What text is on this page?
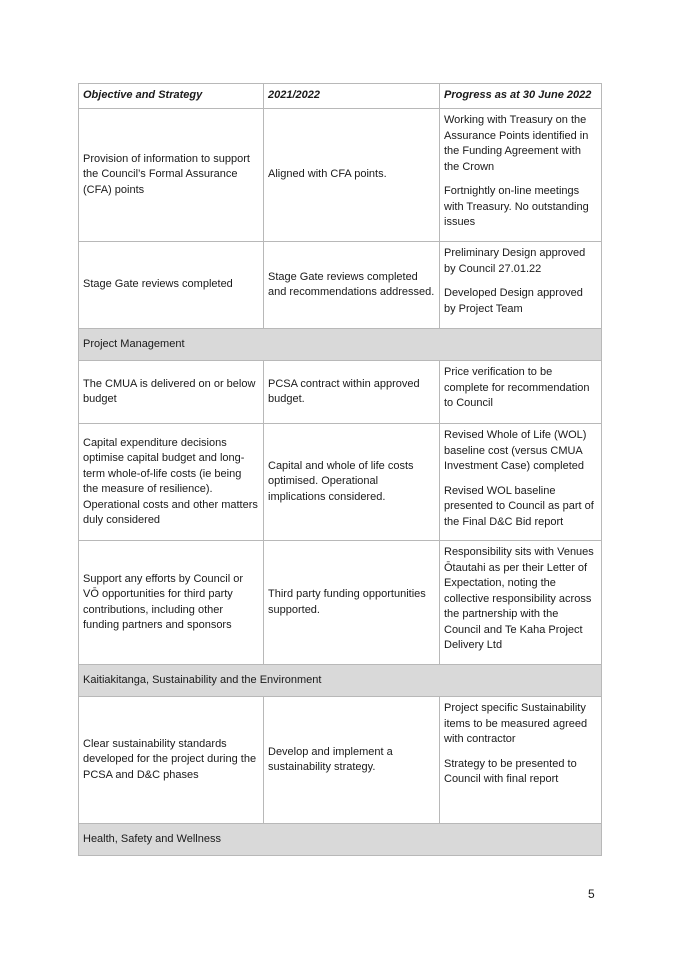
Objective and Strategy	2021/2022	Progress as at 30 June 2022
Provision of information to support the Council’s Formal Assurance (CFA) points	Aligned with CFA points.	Working with Treasury on the Assurance Points identified in the Funding Agreement with the Crown

Fortnightly on-line meetings with Treasury. No outstanding issues

Stage Gate reviews completed	Stage Gate reviews completed and recommendations addressed.	Preliminary Design approved by Council 27.01.22

Developed Design approved by Project Team

Project Management		
The CMUA is delivered on or below budget	PCSA contract within approved budget.	Price verification to be complete for recommendation to Council

Capital expenditure decisions optimise capital budget and long-term whole-of-life costs (ie being the measure of resilience). Operational costs and other matters duly considered	Capital and whole of life costs optimised. Operational implications considered.	Revised Whole of Life (WOL) baseline cost (versus CMUA Investment Case) completed

Revised WOL baseline presented to Council as part of the Final D&C Bid report

Support any efforts by Council or VŌ opportunities for third party contributions, including other funding partners and sponsors	Third party funding opportunities supported.	Responsibility sits with Venues Ōtautahi as per their Letter of Expectation, noting the collective responsibility across the partnership with the Council and Te Kaha Project Delivery Ltd

Kaitiakitanga, Sustainability and the Environment		
Clear sustainability standards developed for the project during the PCSA and D&C phases	Develop and implement a sustainability strategy.	Project specific Sustainability items to be measured agreed with contractor

Strategy to be presented to Council with final report

Health, Safety and Wellness		
5
